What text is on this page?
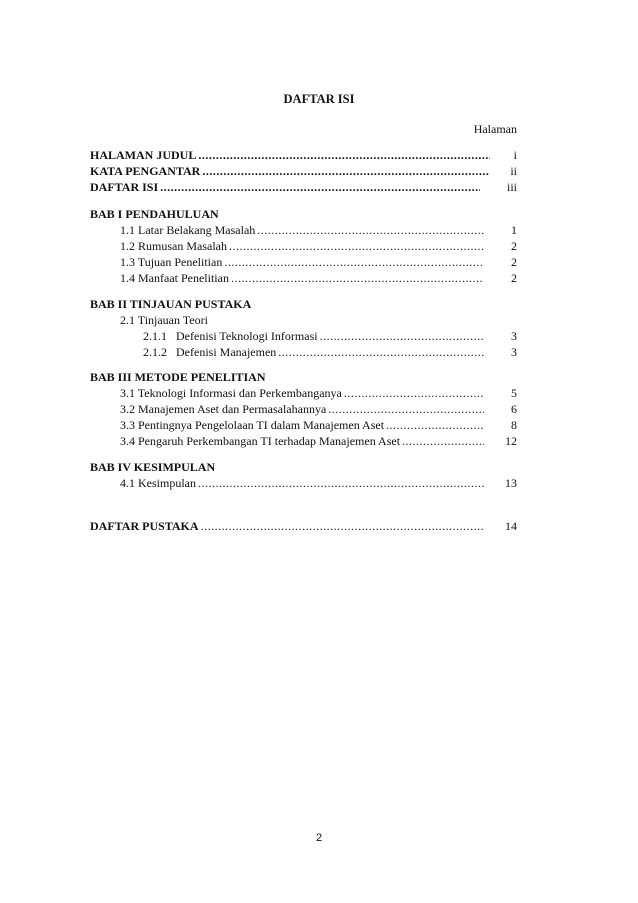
DAFTAR ISI
Halaman
HALAMAN JUDUL .....	i
KATA PENGANTAR .....	ii
DAFTAR ISI .....	iii
BAB I PENDAHULUAN
1.1 Latar Belakang Masalah .....	1
1.2 Rumusan Masalah .....	2
1.3 Tujuan Penelitian .....	2
1.4 Manfaat Penelitian .....	2
BAB II TINJAUAN PUSTAKA
2.1 Tinjauan Teori
2.1.1   Defenisi Teknologi Informasi .....	3
2.1.2   Defenisi Manajemen .....	3
BAB III METODE PENELITIAN
3.1 Teknologi Informasi dan Perkembanganya .....	5
3.2 Manajemen Aset dan Permasalahannya .....	6
3.3 Pentingnya Pengelolaan TI dalam Manajemen Aset .....	8
3.4 Pengaruh Perkembangan TI terhadap Manajemen Aset .....	12
BAB IV KESIMPULAN
4.1 Kesimpulan .....	13
DAFTAR PUSTAKA .....	14
2
